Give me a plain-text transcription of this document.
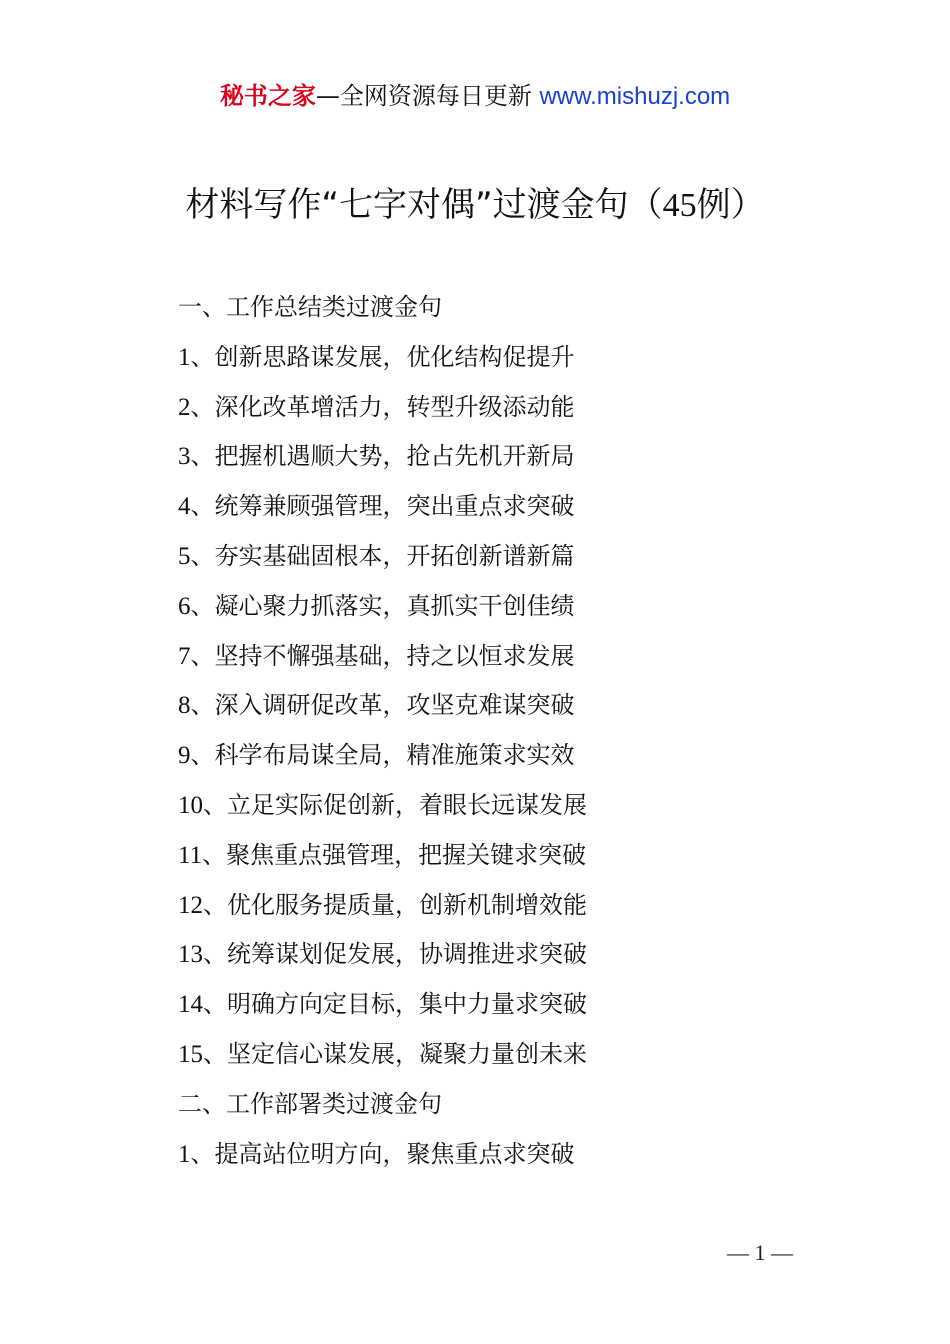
秘书之家—全网资源每日更新 www.mishuzj.com
材料写作“七字对偶”过渡金句（45例）
一、工作总结类过渡金句
1、创新思路谋发展，优化结构促提升
2、深化改革增活力，转型升级添动能
3、把握机遇顺大势，抢占先机开新局
4、统筹兼顾强管理，突出重点求突破
5、夯实基础固根本，开拓创新谱新篇
6、凝心聚力抓落实，真抓实干创佳绩
7、坚持不懈强基础，持之以恒求发展
8、深入调研促改革，攻坚克难谋突破
9、科学布局谋全局，精准施策求实效
10、立足实际促创新，着眼长远谋发展
11、聚焦重点强管理，把握关键求突破
12、优化服务提质量，创新机制增效能
13、统筹谋划促发展，协调推进求突破
14、明确方向定目标，集中力量求突破
15、坚定信心谋发展，凝聚力量创未来
二、工作部署类过渡金句
1、提高站位明方向，聚焦重点求突破
— 1 —
